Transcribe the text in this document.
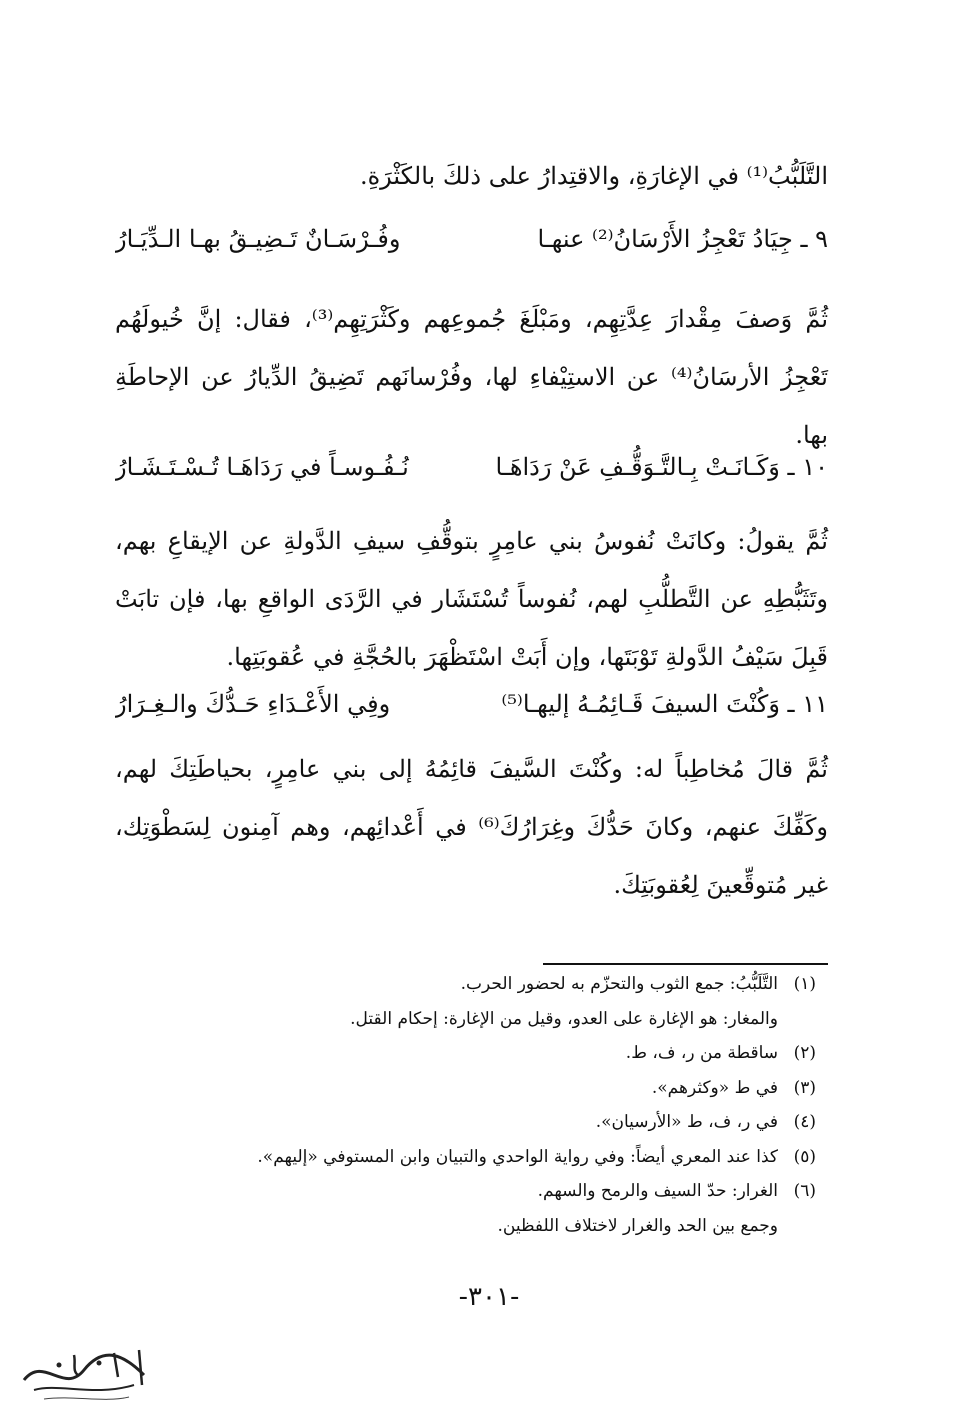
التَّلَبُّبُ⁽¹⁾ في الإغارَةِ، والاقتِدارُ على ذلكَ بالكَثْرَةِ.
٩ ـ جِيَادُ تَعْجِزُ الأَرْسَانُ⁽²⁾ عنهـا
وفُـرْسَـانٌ تَـضِيـقُ بهـا الـدِّيَـارُ
ثُمَّ وَصفَ مِقْدارَ عِدَّتِهِم، ومَبْلَغَ جُموعِهم وكَثْرَتِهِم⁽³⁾، فقال: إنَّ خُيولَهُم تَعْجِزُ الأرسَانُ⁽⁴⁾ عن الاستِيْفاءِ لها، وفُرْسانَهم تَضِيقُ الدِّيارُ عن الإحاطَةِ بها.
١٠ ـ وَكَـانَـتْ بِـالتَّـوَقُّـفِ عَنْ رَدَاهَـا
نُـفُـوسـاً في رَدَاهَـا تُـسْـتَـشَـارُ
ثُمَّ يقولُ: وكانَتْ نُفوسُ بني عامِرٍ بتوقُّفِ سيفِ الدَّولةِ عن الإيقاعِ بهم، وتَثَبُّطِهِ عن التَّطلُّبِ لهم، نُفوساً تُسْتَشَار في الرَّدَى الواقعِ بها، فإن تابَتْ قَبِلَ سَيْفُ الدَّولةِ تَوْبَتَها، وإن أَبَتْ اسْتَظْهَرَ بالحُجَّةِ في عُقوبَتِها.
١١ ـ وَكُنْتَ السيفَ قَـائِمُـهُ إليهـا⁽⁵⁾
وفِي الأَعْـدَاءِ حَـدُّكَ والـغِـرَارُ
ثُمَّ قالَ مُخاطِباً له: وكُنْتَ السَّيفَ قائِمُهُ إلى بني عامِرٍ، بحياطَتِكَ لهم، وكَفِّكَ عنهم، وكانَ حَدُّكَ وغِرَارُكَ⁽⁶⁾ في أَعْدائِهم، وهم آمِنون لِسَطْوَتِك، غير مُتوقِّعينَ لِعُقوبَتِكَ.
(١)التَّلَبُّبُ: جمع الثوب والتحزّم به لحضور الحرب.
والمغار: هو الإغارة على العدو، وقيل من الإغارة: إحكام القتل.
(٢)ساقطة من ر، ف، ط.
(٣)في ط «وكثرهم».
(٤)في ر، ف، ط «الأرسيان».
(٥)كذا عند المعري أيضاً: وفي رواية الواحدي والتبيان وابن المستوفي «إليهم».
(٦)الغرار: حدّ السيف والرمح والسهم.
وجمع بين الحد والغرار لاختلاف اللفظين.
-٣٠١-
